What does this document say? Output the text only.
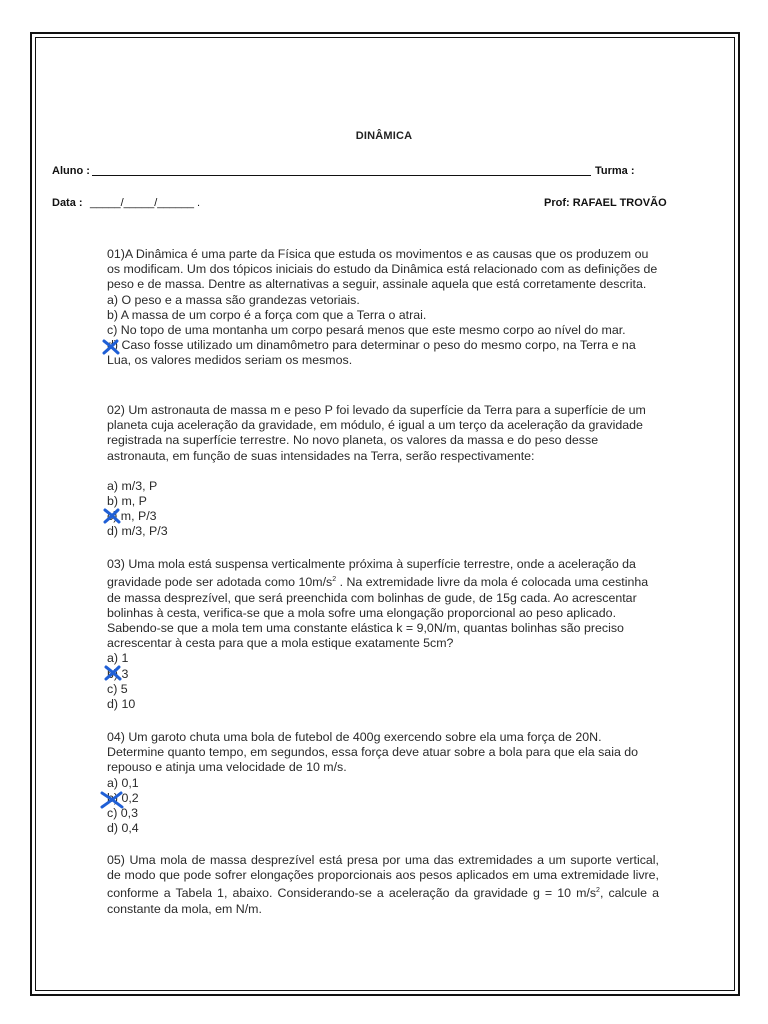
DINÂMICA
Aluno :	Turma :
Data : _____/_____/______ .	Prof: RAFAEL TROVÃO

01)A Dinâmica é uma parte da Física que estuda os movimentos e as causas que os produzem ou os modificam. Um dos tópicos iniciais do estudo da Dinâmica está relacionado com as definições de peso e de massa. Dentre as alternativas a seguir, assinale aquela que está corretamente descrita.

a) O peso e a massa são grandezas vetoriais.
b) A massa de um corpo é a força com que a Terra o atrai.
c) No topo de uma montanha um corpo pesará menos que este mesmo corpo ao nível do mar.
d) Caso fosse utilizado um dinamômetro para determinar o peso do mesmo corpo, na Terra e na Lua, os valores medidos seriam os mesmos.

02) Um astronauta de massa m e peso P foi levado da superfície da Terra para a superfície de um planeta cuja aceleração da gravidade, em módulo, é igual a um terço da aceleração da gravidade registrada na superfície terrestre. No novo planeta, os valores da massa e do peso desse astronauta, em função de suas intensidades na Terra, serão respectivamente:

a) m/3, P
b) m, P
c) m, P/3
d) m/3, P/3

03) Uma mola está suspensa verticalmente próxima à superfície terrestre, onde a aceleração da gravidade pode ser adotada como $10m/s^2$ . Na extremidade livre da mola é colocada uma cestinha de massa desprezível, que será preenchida com bolinhas de gude, de 15g cada. Ao acrescentar bolinhas à cesta, verifica-se que a mola sofre uma elongação proporcional ao peso aplicado. Sabendo-se que a mola tem uma constante elástica k = 9,0N/m, quantas bolinhas são preciso acrescentar à cesta para que a mola estique exatamente 5cm?

a) 1
b) 3
c) 5
d) 10

04) Um garoto chuta uma bola de futebol de 400g exercendo sobre ela uma força de 20N. Determine quanto tempo, em segundos, essa força deve atuar sobre a bola para que ela saia do repouso e atinja uma velocidade de 10 m/s.

a) 0,1
b) 0,2
c) 0,3
d) 0,4

05) Uma mola de massa desprezível está presa por uma das extremidades a um suporte vertical, de modo que pode sofrer elongações proporcionais aos pesos aplicados em uma extremidade livre, conforme a Tabela 1, abaixo. Considerando-se a aceleração da gravidade g = 10 $m/s^2$, calcule a constante da mola, em N/m.
